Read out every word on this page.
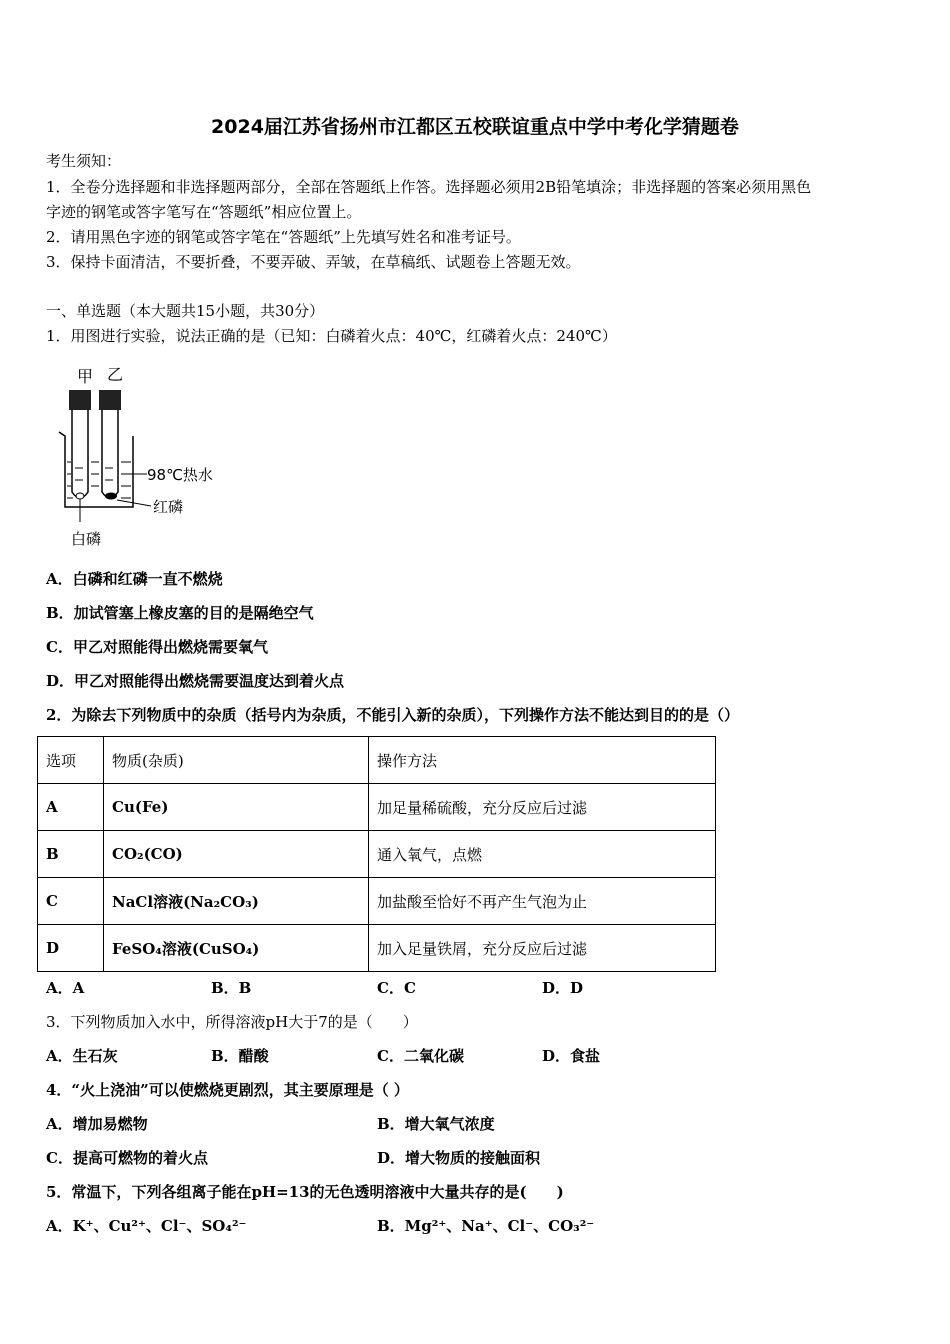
2024届江苏省扬州市江都区五校联谊重点中学中考化学猜题卷
考生须知：
1．全卷分选择题和非选择题两部分，全部在答题纸上作答。选择题必须用2B铅笔填涂；非选择题的答案必须用黑色
字迹的钢笔或答字笔写在“答题纸”相应位置上。
2．请用黑色字迹的钢笔或答字笔在“答题纸”上先填写姓名和准考证号。
3．保持卡面清洁，不要折叠，不要弄破、弄皱，在草稿纸、试题卷上答题无效。
一、单选题（本大题共15小题，共30分）
1．用图进行实验，说法正确的是（已知：白磷着火点：40℃，红磷着火点：240℃）
甲 乙
98℃热水
红磷
白磷
A．白磷和红磷一直不燃烧
B．加试管塞上橡皮塞的目的是隔绝空气
C．甲乙对照能得出燃烧需要氧气
D．甲乙对照能得出燃烧需要温度达到着火点
2．为除去下列物质中的杂质（括号内为杂质，不能引入新的杂质），下列操作方法不能达到目的的是（）
选项	物质(杂质)	操作方法
A	Cu(Fe)	加足量稀硫酸，充分反应后过滤
B	CO₂(CO)	通入氧气，点燃
C	NaCl溶液(Na₂CO₃)	加盐酸至恰好不再产生气泡为止
D	FeSO₄溶液(CuSO₄)	加入足量铁屑，充分反应后过滤
A．A	B．B	C．C	D．D
3．下列物质加入水中，所得溶液pH大于7的是（　　）
A．生石灰	B．醋酸	C．二氧化碳	D．食盐
4．“火上浇油”可以使燃烧更剧烈，其主要原理是（ ）
A．增加易燃物	B．增大氧气浓度
C．提高可燃物的着火点	D．增大物质的接触面积
5．常温下，下列各组离子能在pH=13的无色透明溶液中大量共存的是(　　)
A．K⁺、Cu²⁺、Cl⁻、SO₄²⁻	B．Mg²⁺、Na⁺、Cl⁻、CO₃²⁻
